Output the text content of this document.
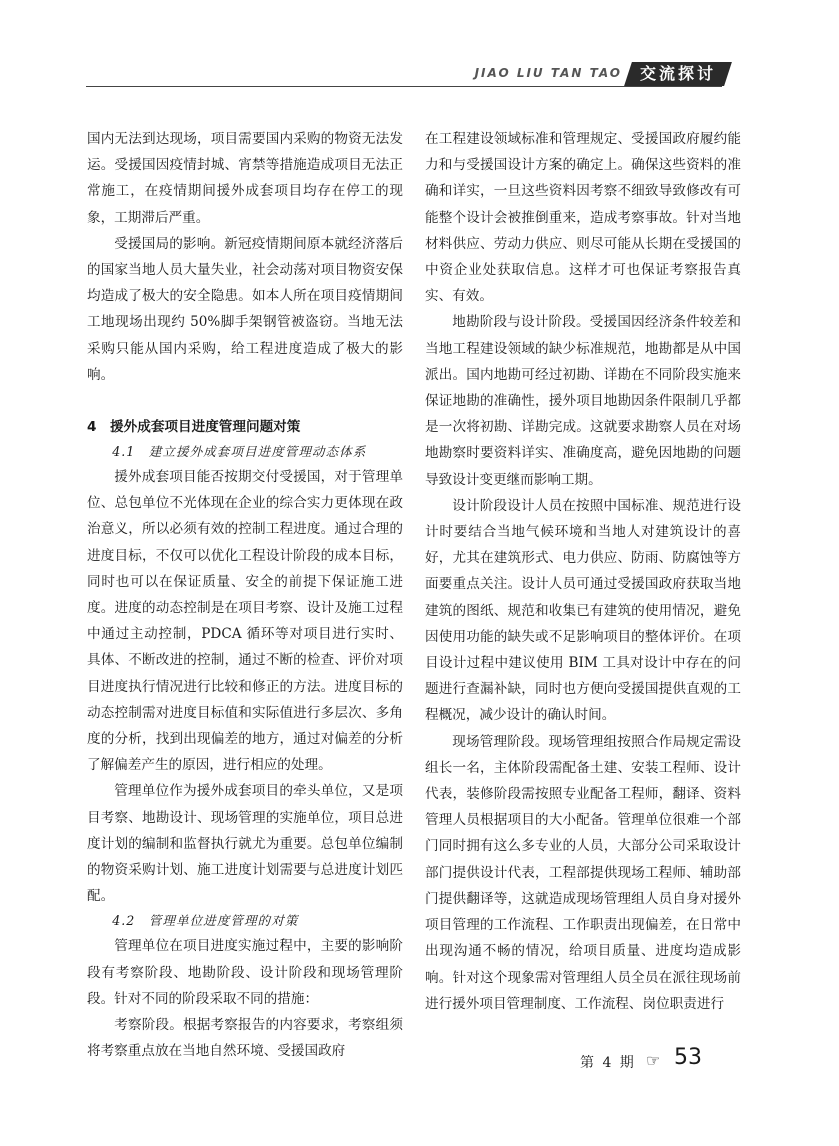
JIAO LIU TAN TAO	交流探讨

国内无法到达现场，项目需要国内采购的物资无法发运。受援国因疫情封城、宵禁等措施造成项目无法正常施工，在疫情期间援外成套项目均存在停工的现象，工期滞后严重。

受援国局的影响。新冠疫情期间原本就经济落后的国家当地人员大量失业，社会动荡对项目物资安保均造成了极大的安全隐患。如本人所在项目疫情期间工地现场出现约 50%脚手架钢管被盗窃。当地无法采购只能从国内采购，给工程进度造成了极大的影响。

4　援外成套项目进度管理问题对策
4.1　建立援外成套项目进度管理动态体系

援外成套项目能否按期交付受援国，对于管理单位、总包单位不光体现在企业的综合实力更体现在政治意义，所以必须有效的控制工程进度。通过合理的进度目标，不仅可以优化工程设计阶段的成本目标，同时也可以在保证质量、安全的前提下保证施工进度。进度的动态控制是在项目考察、设计及施工过程中通过主动控制，PDCA 循环等对项目进行实时、具体、不断改进的控制，通过不断的检查、评价对项目进度执行情况进行比较和修正的方法。进度目标的动态控制需对进度目标值和实际值进行多层次、多角度的分析，找到出现偏差的地方，通过对偏差的分析了解偏差产生的原因，进行相应的处理。

管理单位作为援外成套项目的牵头单位，又是项目考察、地勘设计、现场管理的实施单位，项目总进度计划的编制和监督执行就尤为重要。总包单位编制的物资采购计划、施工进度计划需要与总进度计划匹配。

4.2　管理单位进度管理的对策

管理单位在项目进度实施过程中，主要的影响阶段有考察阶段、地勘阶段、设计阶段和现场管理阶段。针对不同的阶段采取不同的措施：

考察阶段。根据考察报告的内容要求，考察组须将考察重点放在当地自然环境、受援国政府

在工程建设领域标准和管理规定、受援国政府履约能力和与受援国设计方案的确定上。确保这些资料的准确和详实，一旦这些资料因考察不细致导致修改有可能整个设计会被推倒重来，造成考察事故。针对当地材料供应、劳动力供应、则尽可能从长期在受援国的中资企业处获取信息。这样才可也保证考察报告真实、有效。

地勘阶段与设计阶段。受援国因经济条件较差和当地工程建设领域的缺少标准规范，地勘都是从中国派出。国内地勘可经过初勘、详勘在不同阶段实施来保证地勘的准确性，援外项目地勘因条件限制几乎都是一次将初勘、详勘完成。这就要求勘察人员在对场地勘察时要资料详实、准确度高，避免因地勘的问题导致设计变更继而影响工期。

设计阶段设计人员在按照中国标准、规范进行设计时要结合当地气候环境和当地人对建筑设计的喜好，尤其在建筑形式、电力供应、防雨、防腐蚀等方面要重点关注。设计人员可通过受援国政府获取当地建筑的图纸、规范和收集已有建筑的使用情况，避免因使用功能的缺失或不足影响项目的整体评价。在项目设计过程中建议使用 BIM 工具对设计中存在的问题进行查漏补缺，同时也方便向受援国提供直观的工程概况，减少设计的确认时间。

现场管理阶段。现场管理组按照合作局规定需设组长一名，主体阶段需配备土建、安装工程师、设计代表，装修阶段需按照专业配备工程师，翻译、资料管理人员根据项目的大小配备。管理单位很难一个部门同时拥有这么多专业的人员，大部分公司采取设计部门提供设计代表，工程部提供现场工程师、辅助部门提供翻译等，这就造成现场管理组人员自身对援外项目管理的工作流程、工作职责出现偏差，在日常中出现沟通不畅的情况，给项目质量、进度均造成影响。针对这个现象需对管理组人员全员在派往现场前进行援外项目管理制度、工作流程、岗位职责进行

第 4 期 ☞ 53
